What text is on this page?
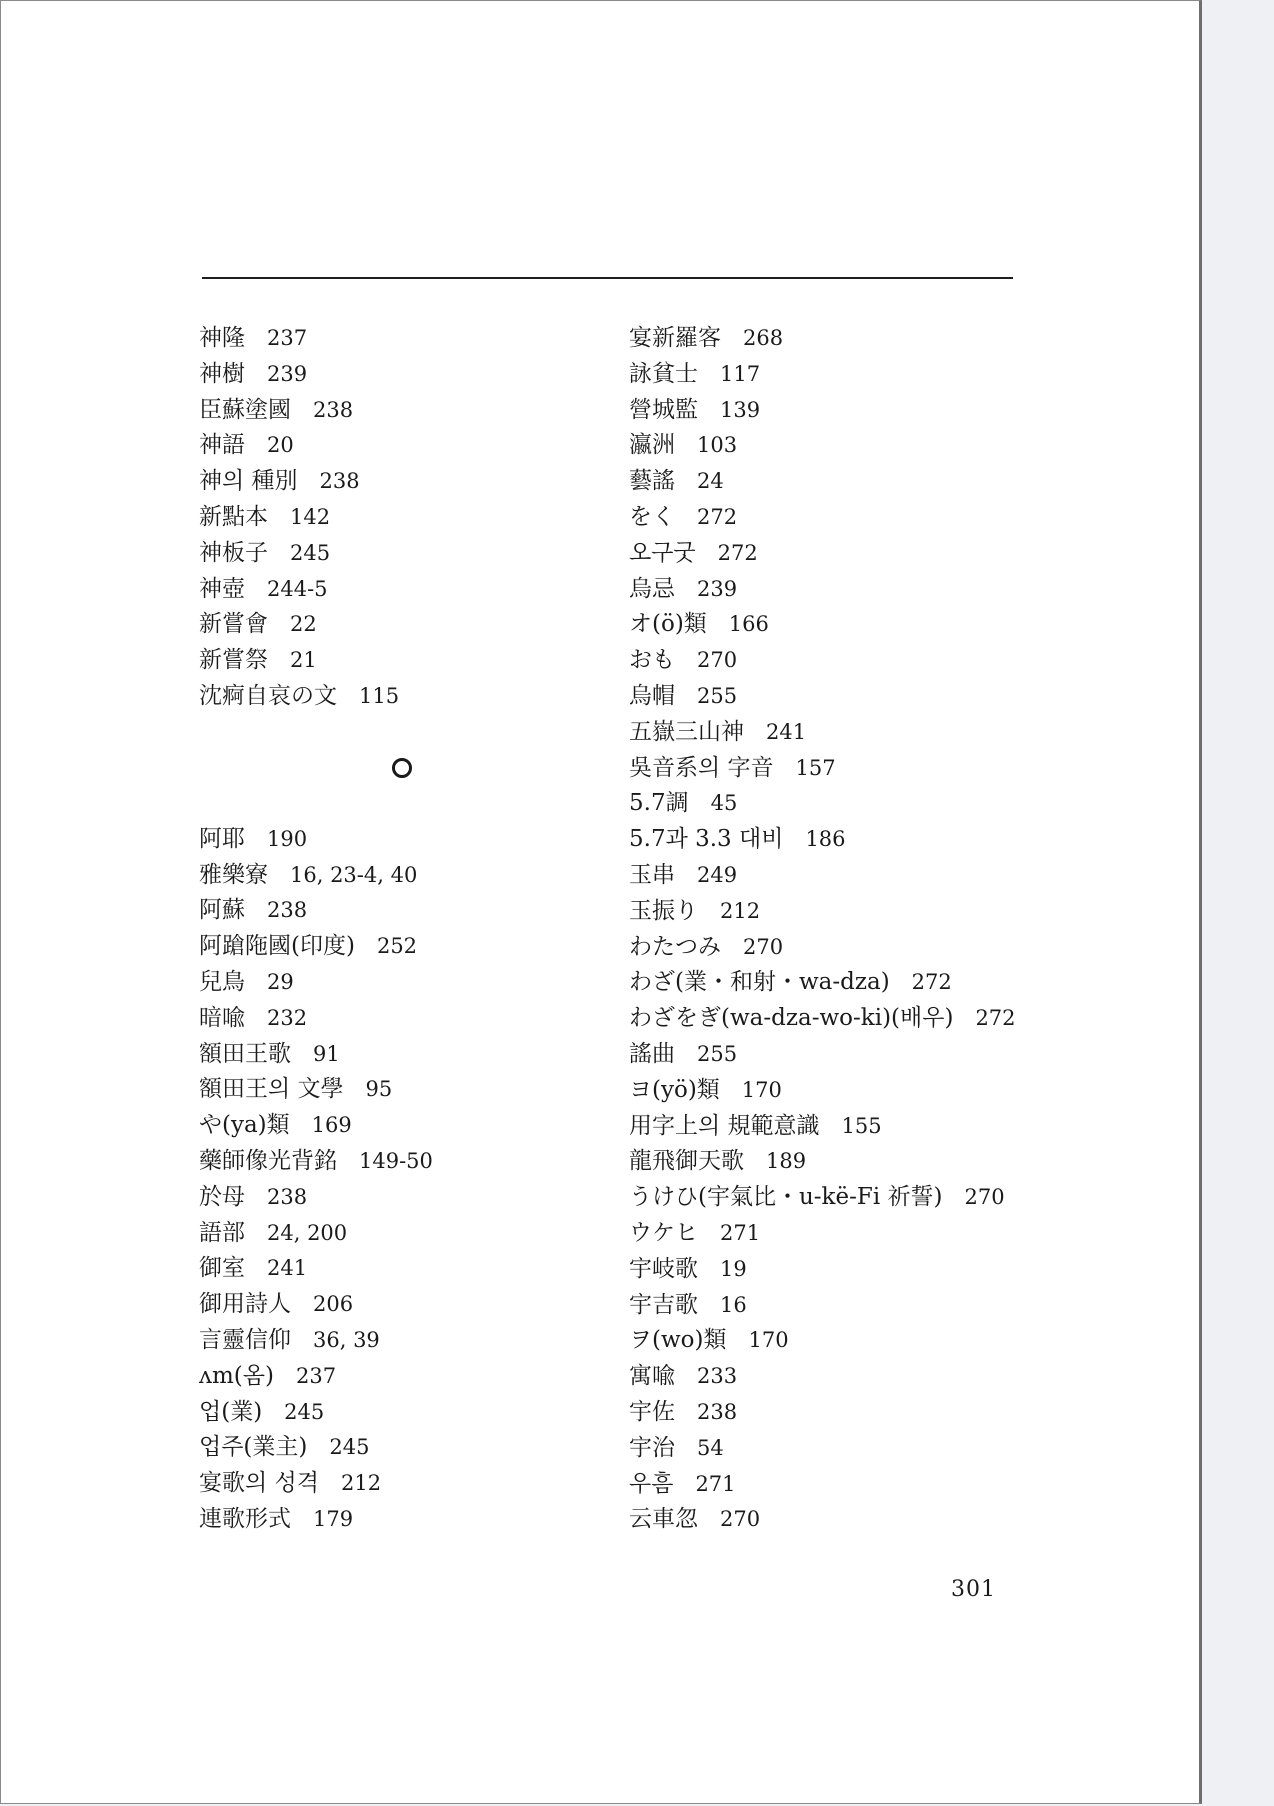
神隆 237
神樹 239
臣蘇塗國 238
神語 20
神의 種別 238
新點本 142
神板子 245
神壺 244-5
新嘗會 22
新嘗祭 21
沈痾自哀の文 115
阿耶 190
雅樂寮 16, 23-4, 40
阿蘇 238
阿蹌陁國(印度) 252
兒鳥 29
暗喩 232
額田王歌 91
額田王의 文學 95
や(ya)類 169
藥師像光背銘 149-50
於母 238
語部 24, 200
御室 241
御用詩人 206
言靈信仰 36, 39
ʌm(옴) 237
업(業) 245
업주(業主) 245
宴歌의 성격 212
連歌形式 179
宴新羅客 268
詠貧士 117
營城監 139
瀛洲 103
藝謠 24
をく 272
오구굿 272
烏忌 239
オ(ö)類 166
おも 270
烏帽 255
五嶽三山神 241
吳音系의 字音 157
5.7調 45
5.7과 3.3 대비 186
玉串 249
玉振り 212
わたつみ 270
わざ(業・和射・wa-dza) 272
わざをぎ(wa-dza-wo-ki)(배우) 272
謠曲 255
ヨ(yö)類 170
用字上의 規範意識 155
龍飛御天歌 189
うけひ(宇氣比・u-kë-Fi 祈誓) 270
ウケヒ 271
宇岐歌 19
宇吉歌 16
ヲ(wo)類 170
寓喩 233
宇佐 238
宇治 54
우흠 271
云車忽 270
301
